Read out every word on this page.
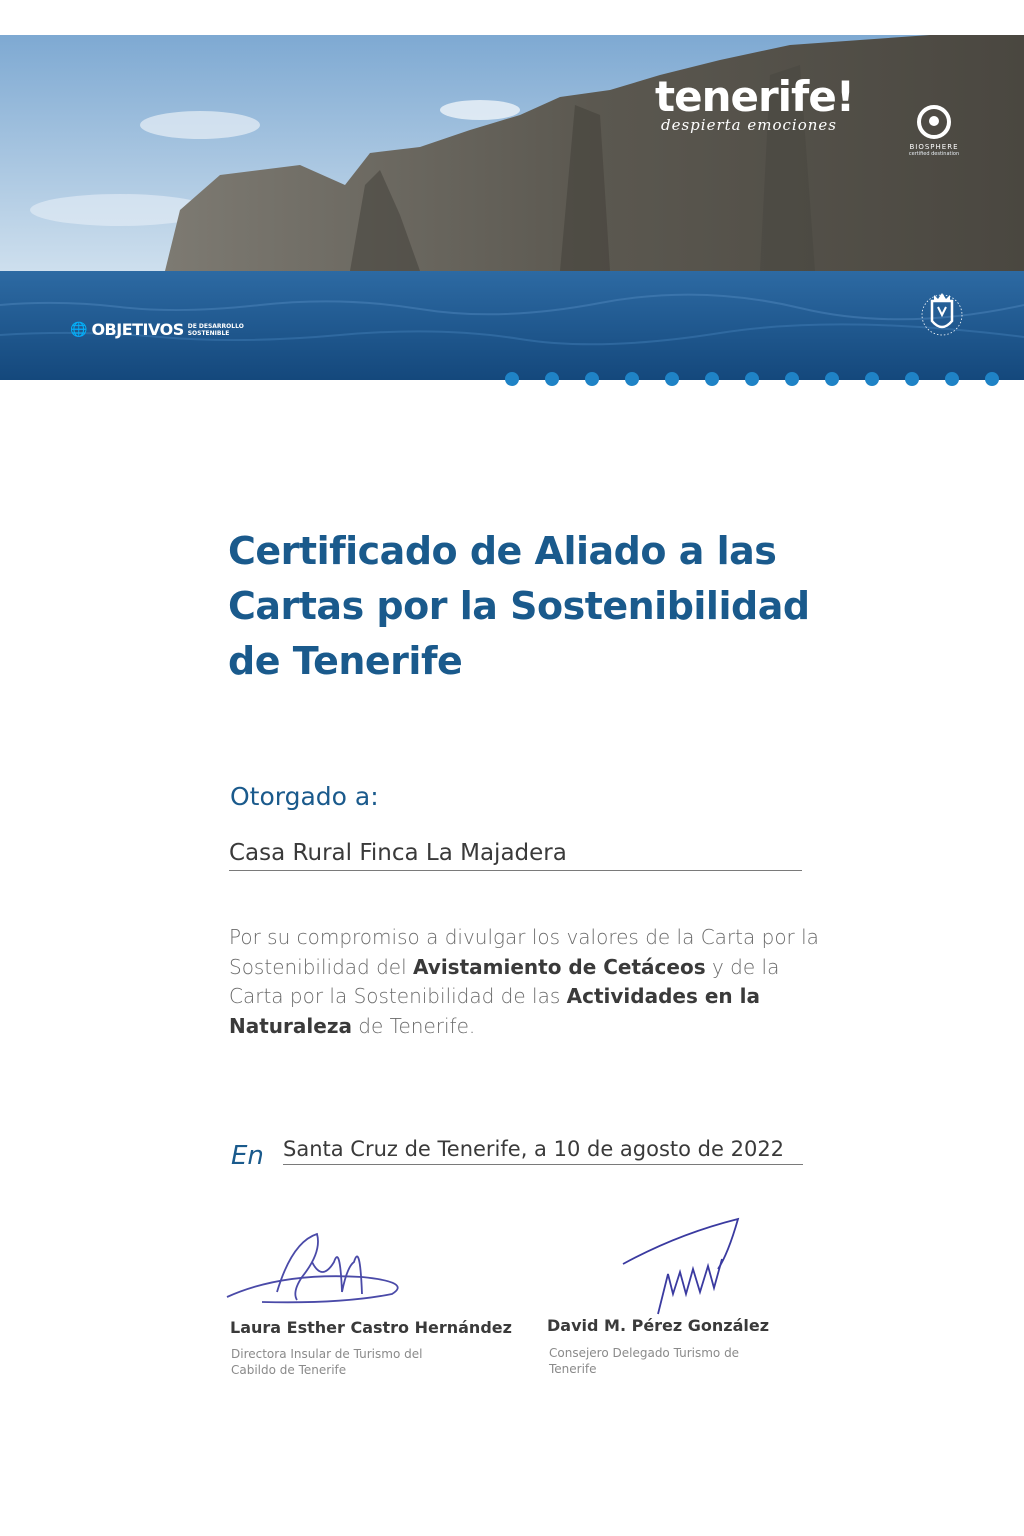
tenerife!
despierta emociones
BIOSPHERE
certified destination
🌐 OBJETIVOS DE DESARROLLO
SOSTENIBLE
Certificado de Aliado a las
Cartas por la Sostenibilidad
de Tenerife
Otorgado a:
Casa Rural Finca La Majadera
Por su compromiso a divulgar los valores de la Carta por la Sostenibilidad del Avistamiento de Cetáceos y de la Carta por la Sostenibilidad de las Actividades en la Naturaleza de Tenerife.
En Santa Cruz de Tenerife, a 10 de agosto de 2022
Laura Esther Castro Hernández
Directora Insular de Turismo del Cabildo de Tenerife
David M. Pérez González
Consejero Delegado Turismo de Tenerife
